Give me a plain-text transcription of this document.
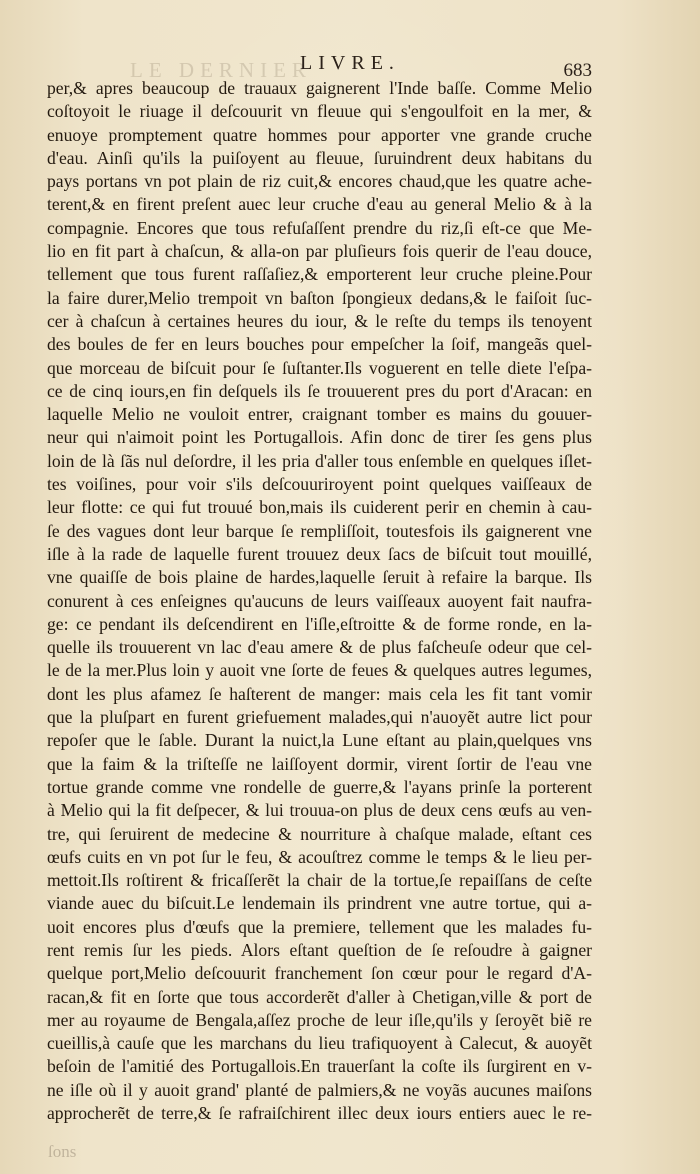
LE DERNIER
LIVRE.	683
per,& apres beaucoup de trauaux gaignerent l'Inde baſſe. Comme Melio
coſtoyoit le riuage il deſcouurit vn fleuue qui s'engoulfoit en la mer, &
enuoye promptement quatre hommes pour apporter vne grande cruche
d'eau. Ainſi qu'ils la puiſoyent au fleuue, ſuruindrent deux habitans du
pays portans vn pot plain de riz cuit,& encores chaud,que les quatre ache-
terent,& en firent preſent auec leur cruche d'eau au general Melio & à la
compagnie. Encores que tous refuſaſſent prendre du riz,ſi eſt-ce que Me-
lio en fit part à chaſcun, & alla-on par pluſieurs fois querir de l'eau douce,
tellement que tous furent raſſaſiez,& emporterent leur cruche pleine.Pour
la faire durer,Melio trempoit vn baſton ſpongieux dedans,& le faiſoit ſuc-
cer à chaſcun à certaines heures du iour, & le reſte du temps ils tenoyent
des boules de fer en leurs bouches pour empeſcher la ſoif, mangeãs quel-
que morceau de biſcuit pour ſe ſuſtanter.Ils voguerent en telle diete l'eſpa-
ce de cinq iours,en fin deſquels ils ſe trouuerent pres du port d'Aracan: en
laquelle Melio ne vouloit entrer, craignant tomber es mains du gouuer-
neur qui n'aimoit point les Portugallois. Afin donc de tirer ſes gens plus
loin de là ſãs nul deſordre, il les pria d'aller tous enſemble en quelques iſlet-
tes voiſines, pour voir s'ils deſcouuriroyent point quelques vaiſſeaux de
leur flotte: ce qui fut trouué bon,mais ils cuiderent perir en chemin à cau-
ſe des vagues dont leur barque ſe rempliſſoit, toutesfois ils gaignerent vne
iſle à la rade de laquelle furent trouuez deux ſacs de biſcuit tout mouillé,
vne quaiſſe de bois plaine de hardes,laquelle ſeruit à refaire la barque. Ils
conurent à ces enſeignes qu'aucuns de leurs vaiſſeaux auoyent fait naufra-
ge: ce pendant ils deſcendirent en l'iſle,eſtroitte & de forme ronde, en la-
quelle ils trouuerent vn lac d'eau amere & de plus faſcheuſe odeur que cel-
le de la mer.Plus loin y auoit vne ſorte de feues & quelques autres legumes,
dont les plus afamez ſe haſterent de manger: mais cela les fit tant vomir
que la pluſpart en furent griefuement malades,qui n'auoyẽt autre lict pour
repoſer que le ſable. Durant la nuict,la Lune eſtant au plain,quelques vns
que la faim & la triſteſſe ne laiſſoyent dormir, virent ſortir de l'eau vne
tortue grande comme vne rondelle de guerre,& l'ayans prinſe la porterent
à Melio qui la fit deſpecer, & lui trouua-on plus de deux cens œufs au ven-
tre, qui ſeruirent de medecine & nourriture à chaſque malade, eſtant ces
œufs cuits en vn pot ſur le feu, & acouſtrez comme le temps & le lieu per-
mettoit.Ils roſtirent & fricaſſerẽt la chair de la tortue,ſe repaiſſans de ceſte
viande auec du biſcuit.Le lendemain ils prindrent vne autre tortue, qui a-
uoit encores plus d'œufs que la premiere, tellement que les malades fu-
rent remis ſur les pieds. Alors eſtant queſtion de ſe reſoudre à gaigner
quelque port,Melio deſcouurit franchement ſon cœur pour le regard d'A-
racan,& fit en ſorte que tous accorderẽt d'aller à Chetigan,ville & port de
mer au royaume de Bengala,aſſez proche de leur iſle,qu'ils y ſeroyẽt biẽ re
cueillis,à cauſe que les marchans du lieu trafiquoyent à Calecut, & auoyẽt
beſoin de l'amitié des Portugallois.En trauerſant la coſte ils ſurgirent en v-
ne iſle où il y auoit grand' planté de palmiers,& ne voyãs aucunes maiſons
approcherẽt de terre,& ſe rafraiſchirent illec deux iours entiers auec le re-
ſons
